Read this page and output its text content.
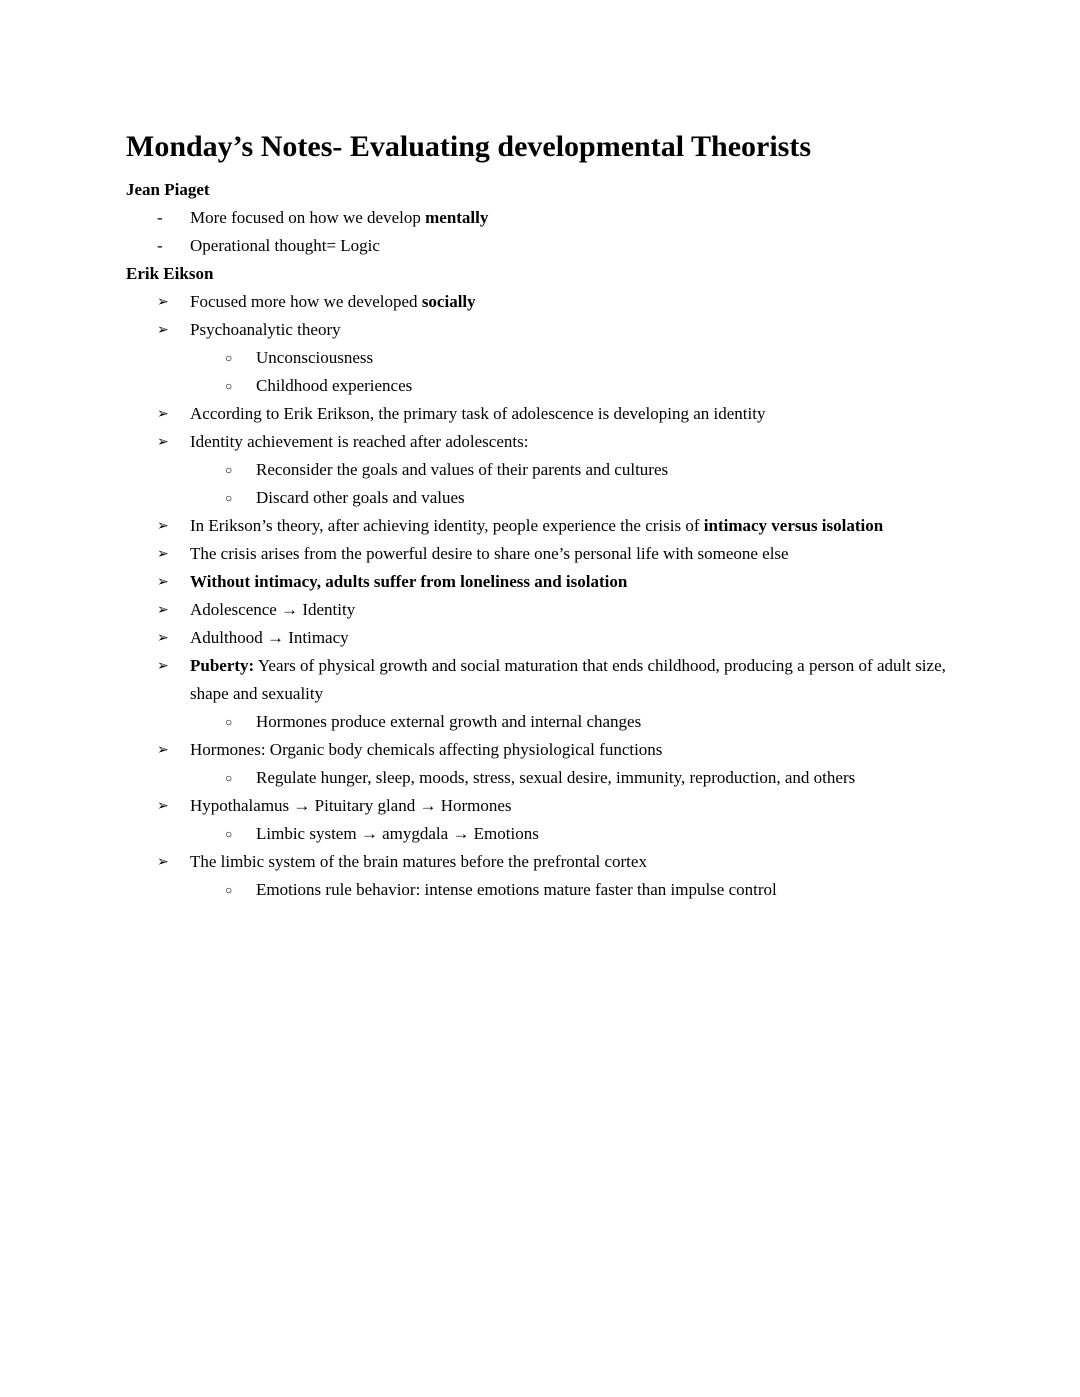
Monday’s Notes- Evaluating developmental Theorists
Jean Piaget
-	More focused on how we develop mentally
-	Operational thought= Logic
Erik Eikson
➢	Focused more how we developed socially
➢	Psychoanalytic theory
○	Unconsciousness
○	Childhood experiences
➢	According to Erik Erikson, the primary task of adolescence is developing an identity
➢	Identity achievement is reached after adolescents:
○	Reconsider the goals and values of their parents and cultures
○	Discard other goals and values
➢	In Erikson’s theory, after achieving identity, people experience the crisis of intimacy versus isolation
➢	The crisis arises from the powerful desire to share one’s personal life with someone else
➢	Without intimacy, adults suffer from loneliness and isolation
➢	Adolescence → Identity
➢	Adulthood → Intimacy
➢	Puberty: Years of physical growth and social maturation that ends childhood, producing a person of adult size, shape and sexuality
○	Hormones produce external growth and internal changes
➢	Hormones: Organic body chemicals affecting physiological functions
○	Regulate hunger, sleep, moods, stress, sexual desire, immunity, reproduction, and others
➢	Hypothalamus → Pituitary gland → Hormones
○	Limbic system → amygdala → Emotions
➢	The limbic system of the brain matures before the prefrontal cortex
○	Emotions rule behavior: intense emotions mature faster than impulse control
